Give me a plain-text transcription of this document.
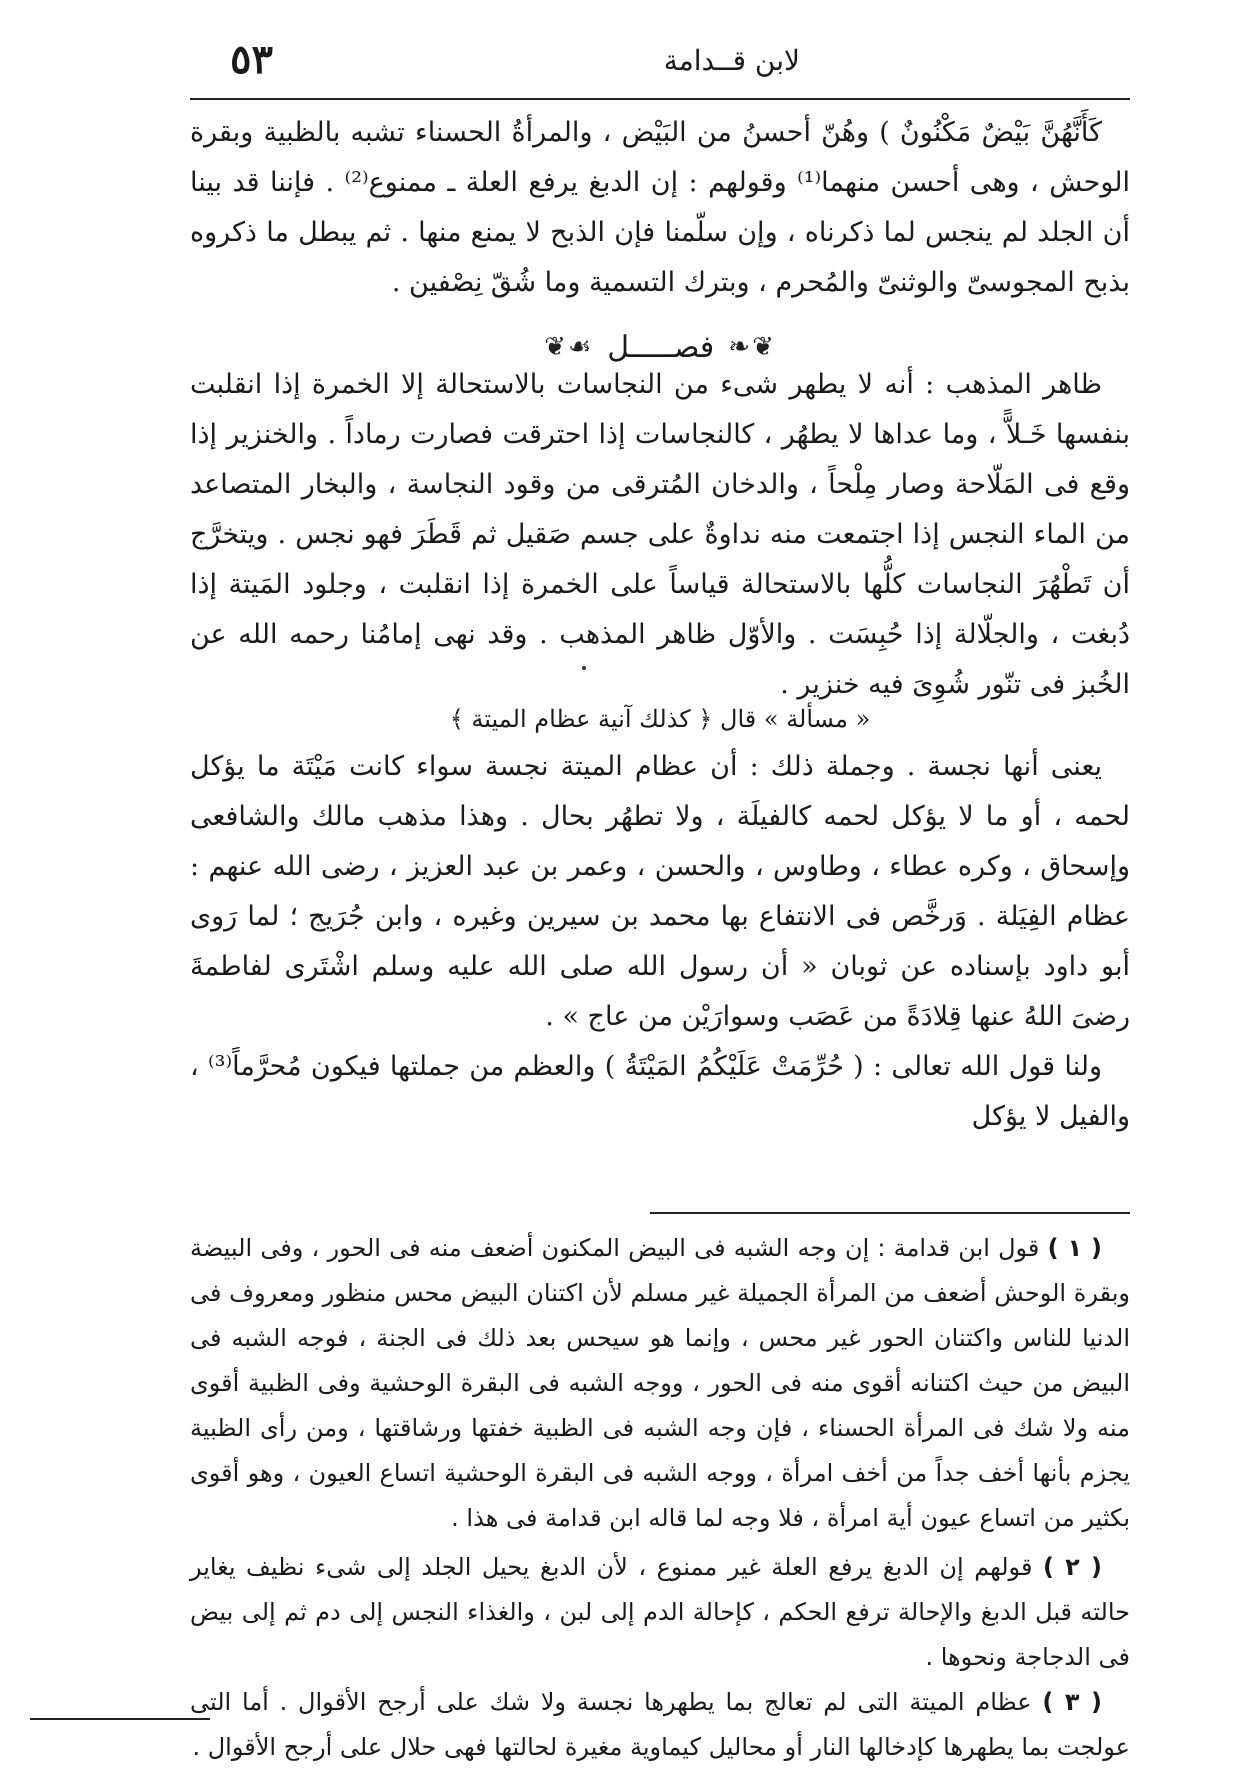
٥٣	لابن قــدامة

كَأَنَّهُنَّ بَيْضٌ مَكْنُونٌ ) وهُنّ أحسنُ من البَيْض ، والمرأةُ الحسناء تشبه بالظبية وبقرة الوحش ، وهى أحسن منهما⁽¹⁾ وقولهم : إن الدبغ يرفع العلة ـ ممنوع⁽²⁾ . فإننا قد بينا أن الجلد لم ينجس لما ذكرناه ، وإن سلّمنا فإن الذبح لا يمنع منها . ثم يبطل ما ذكروه بذبح المجوسىّ والوثنىّ والمُحرم ، وبترك التسمية وما شُقّ نِصْفين .

❦❧
فصـــــل
☙❦

ظاهر المذهب : أنه لا يطهر شىء من النجاسات بالاستحالة إلا الخمرة إذا انقلبت بنفسها خَـلاًّ ، وما عداها لا يطهُر ، كالنجاسات إذا احترقت فصارت رماداً . والخنزير إذا وقع فى المَلّاحة وصار مِلْحاً ، والدخان المُترقى من وقود النجاسة ، والبخار المتصاعد من الماء النجس إذا اجتمعت منه نداوةٌ على جسم صَقيل ثم قَطَرَ فهو نجس . ويتخرَّج أن تَطْهُرَ النجاسات كلُّها بالاستحالة قياساً على الخمرة إذا انقلبت ، وجلود المَيتة إذا دُبغت ، والجلّالة إذا حُبِسَت . والأوّل ظاهر المذهب . وقد نهى إمامُنا رحمه الله عن الخُبز فى تنّور شُوِىَ فيه خنزير .

« مسألة » قال ﴿ كذلك آنية عظام الميتة ﴾

يعنى أنها نجسة . وجملة ذلك : أن عظام الميتة نجسة سواء كانت مَيْتَة ما يؤكل لحمه ، أو ما لا يؤكل لحمه كالفيلَة ، ولا تطهُر بحال . وهذا مذهب مالك والشافعى وإسحاق ، وكره عطاء ، وطاوس ، والحسن ، وعمر بن عبد العزيز ، رضى الله عنهم : عظام الفِيَلة . وَرخَّص فى الانتفاع بها محمد بن سيرين وغيره ، وابن جُرَيج ؛ لما رَوى أبو داود بإسناده عن ثوبان « أن رسول الله صلى الله عليه وسلم اشْتَرى لفاطمةَ رضىَ اللهُ عنها قِلادَةً من عَصَب وسوارَيْن من عاج » .

ولنا قول الله تعالى : ( حُرِّمَتْ عَلَيْكُمُ المَيْتَةُ ) والعظم من جملتها فيكون مُحرَّماً⁽³⁾ ، والفيل لا يؤكل

( ١ ) قول ابن قدامة : إن وجه الشبه فى البيض المكنون أضعف منه فى الحور ، وفى البيضة وبقرة الوحش أضعف من المرأة الجميلة غير مسلم لأن اكتنان البيض محس منظور ومعروف فى الدنيا للناس واكتنان الحور غير محس ، وإنما هو سيحس بعد ذلك فى الجنة ، فوجه الشبه فى البيض من حيث اكتنانه أقوى منه فى الحور ، ووجه الشبه فى البقرة الوحشية وفى الظبية أقوى منه ولا شك فى المرأة الحسناء ، فإن وجه الشبه فى الظبية خفتها ورشاقتها ، ومن رأى الظبية يجزم بأنها أخف جداً من أخف امرأة ، ووجه الشبه فى البقرة الوحشية اتساع العيون ، وهو أقوى بكثير من اتساع عيون أية امرأة ، فلا وجه لما قاله ابن قدامة فى هذا .

( ٢ ) قولهم إن الدبغ يرفع العلة غير ممنوع ، لأن الدبغ يحيل الجلد إلى شىء نظيف يغاير حالته قبل الدبغ والإحالة ترفع الحكم ، كإحالة الدم إلى لبن ، والغذاء النجس إلى دم ثم إلى بيض فى الدجاجة ونحوها .

( ٣ ) عظام الميتة التى لم تعالج بما يطهرها نجسة ولا شك على أرجح الأقوال . أما التى عولجت بما يطهرها كإدخالها النار أو محاليل كيماوية مغيرة لحالتها فهى حلال على أرجح الأقوال .
